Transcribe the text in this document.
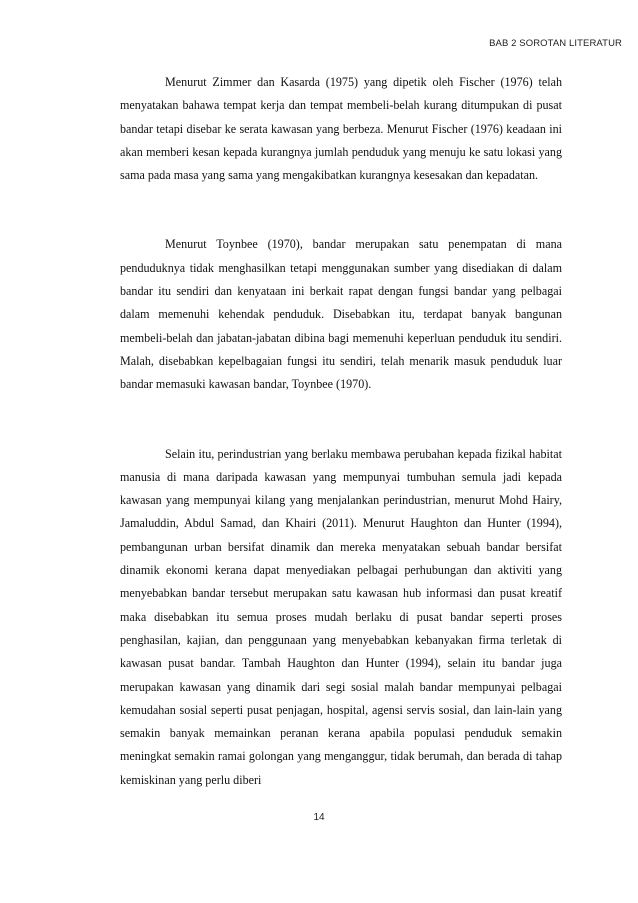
BAB 2 SOROTAN LITERATUR

Menurut Zimmer dan Kasarda (1975) yang dipetik oleh Fischer (1976) telah menyatakan bahawa tempat kerja dan tempat membeli-belah kurang ditumpukan di pusat bandar tetapi disebar ke serata kawasan yang berbeza. Menurut Fischer (1976) keadaan ini akan memberi kesan kepada kurangnya jumlah penduduk yang menuju ke satu lokasi yang sama pada masa yang sama yang mengakibatkan kurangnya kesesakan dan kepadatan.

Menurut Toynbee (1970), bandar merupakan satu penempatan di mana penduduknya tidak menghasilkan tetapi menggunakan sumber yang disediakan di dalam bandar itu sendiri dan kenyataan ini berkait rapat dengan fungsi bandar yang pelbagai dalam memenuhi kehendak penduduk. Disebabkan itu, terdapat banyak bangunan membeli-belah dan jabatan-jabatan dibina bagi memenuhi keperluan penduduk itu sendiri. Malah, disebabkan kepelbagaian fungsi itu sendiri, telah menarik masuk penduduk luar bandar memasuki kawasan bandar, Toynbee (1970).

Selain itu, perindustrian yang berlaku membawa perubahan kepada fizikal habitat manusia di mana daripada kawasan yang mempunyai tumbuhan semula jadi kepada kawasan yang mempunyai kilang yang menjalankan perindustrian, menurut Mohd Hairy, Jamaluddin, Abdul Samad, dan Khairi (2011). Menurut Haughton dan Hunter (1994), pembangunan urban bersifat dinamik dan mereka menyatakan sebuah bandar bersifat dinamik ekonomi kerana dapat menyediakan pelbagai perhubungan dan aktiviti yang menyebabkan bandar tersebut merupakan satu kawasan hub informasi dan pusat kreatif maka disebabkan itu semua proses mudah berlaku di pusat bandar seperti proses penghasilan, kajian, dan penggunaan yang menyebabkan kebanyakan firma terletak di kawasan pusat bandar. Tambah Haughton dan Hunter (1994), selain itu bandar juga merupakan kawasan yang dinamik dari segi sosial malah bandar mempunyai pelbagai kemudahan sosial seperti pusat penjagan, hospital, agensi servis sosial, dan lain-lain yang semakin banyak memainkan peranan kerana apabila populasi penduduk semakin meningkat semakin ramai golongan yang menganggur, tidak berumah, dan berada di tahap kemiskinan yang perlu diberi

14
